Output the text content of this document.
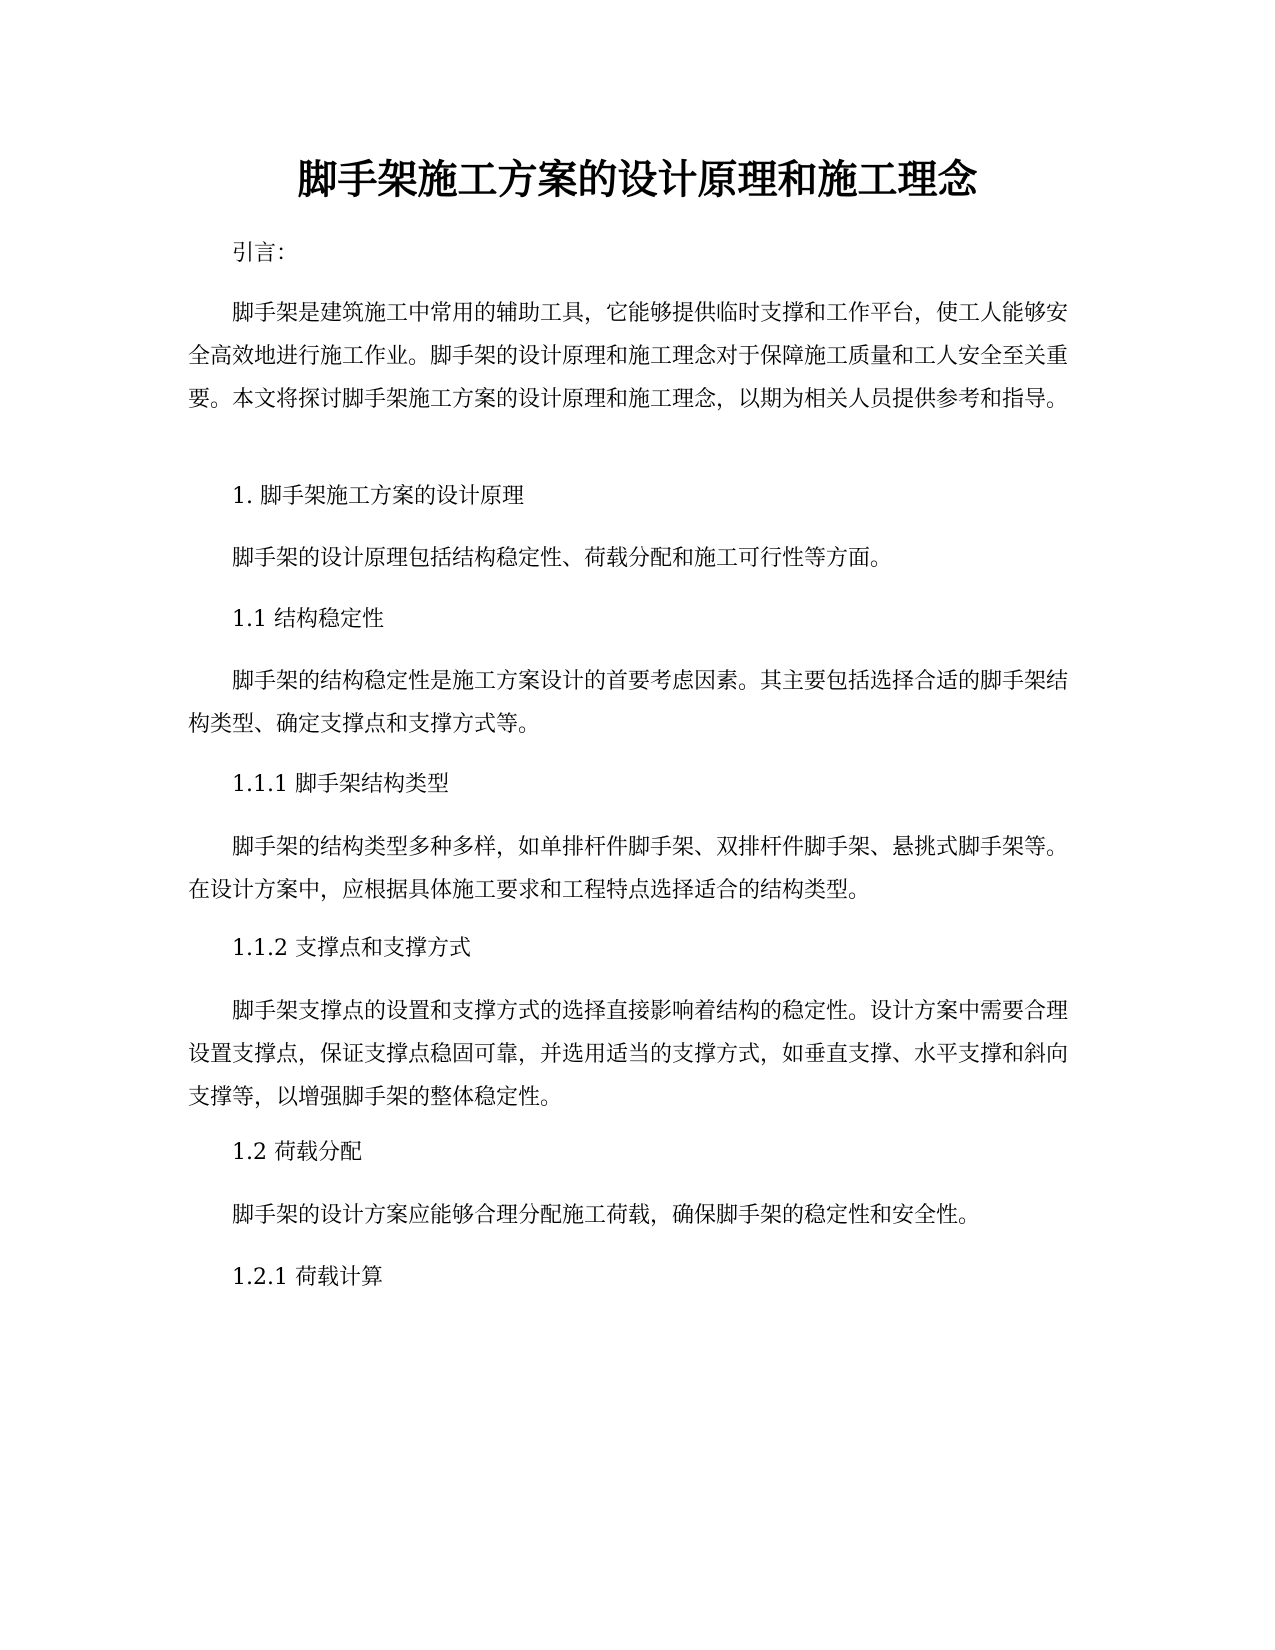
脚手架施工方案的设计原理和施工理念

引言：

脚手架是建筑施工中常用的辅助工具，它能够提供临时支撑和工作平台，使工人能够安全高效地进行施工作业。脚手架的设计原理和施工理念对于保障施工质量和工人安全至关重要。本文将探讨脚手架施工方案的设计原理和施工理念，以期为相关人员提供参考和指导。

1. 脚手架施工方案的设计原理

脚手架的设计原理包括结构稳定性、荷载分配和施工可行性等方面。

1.1 结构稳定性

脚手架的结构稳定性是施工方案设计的首要考虑因素。其主要包括选择合适的脚手架结构类型、确定支撑点和支撑方式等。

1.1.1 脚手架结构类型

脚手架的结构类型多种多样，如单排杆件脚手架、双排杆件脚手架、悬挑式脚手架等。在设计方案中，应根据具体施工要求和工程特点选择适合的结构类型。

1.1.2 支撑点和支撑方式

脚手架支撑点的设置和支撑方式的选择直接影响着结构的稳定性。设计方案中需要合理设置支撑点，保证支撑点稳固可靠，并选用适当的支撑方式，如垂直支撑、水平支撑和斜向支撑等，以增强脚手架的整体稳定性。

1.2 荷载分配

脚手架的设计方案应能够合理分配施工荷载，确保脚手架的稳定性和安全性。

1.2.1 荷载计算
